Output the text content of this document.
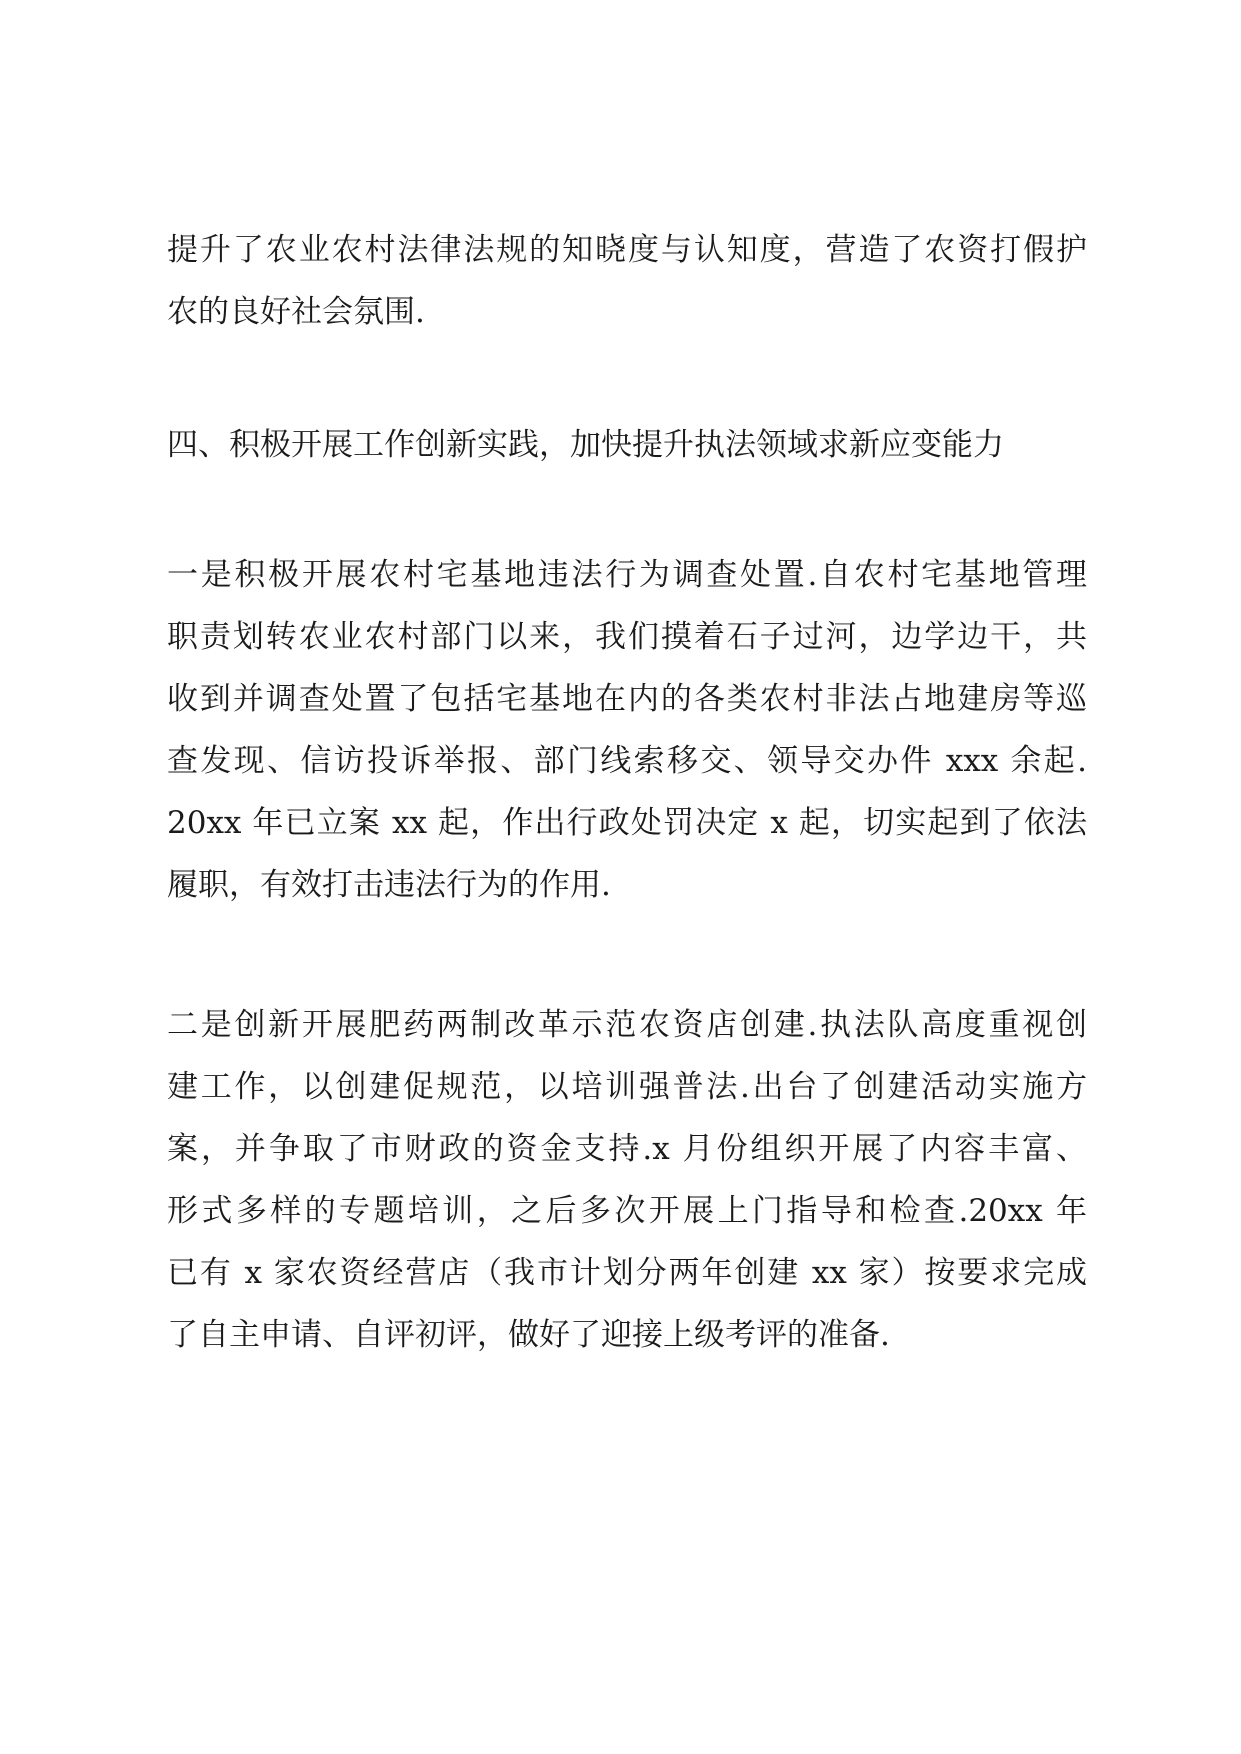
提升了农业农村法律法规的知晓度与认知度，营造了农资打假护
农的良好社会氛围.
四、积极开展工作创新实践，加快提升执法领域求新应变能力
一是积极开展农村宅基地违法行为调查处置.自农村宅基地管理
职责划转农业农村部门以来，我们摸着石子过河，边学边干，共
收到并调查处置了包括宅基地在内的各类农村非法占地建房等巡
查发现、信访投诉举报、部门线索移交、领导交办件 xxx 余起.
20xx 年已立案 xx 起，作出行政处罚决定 x 起，切实起到了依法
履职，有效打击违法行为的作用.
二是创新开展肥药两制改革示范农资店创建.执法队高度重视创
建工作，以创建促规范，以培训强普法.出台了创建活动实施方
案，并争取了市财政的资金支持.x 月份组织开展了内容丰富、
形式多样的专题培训，之后多次开展上门指导和检查.20xx 年
已有 x 家农资经营店（我市计划分两年创建 xx 家）按要求完成
了自主申请、自评初评，做好了迎接上级考评的准备.
